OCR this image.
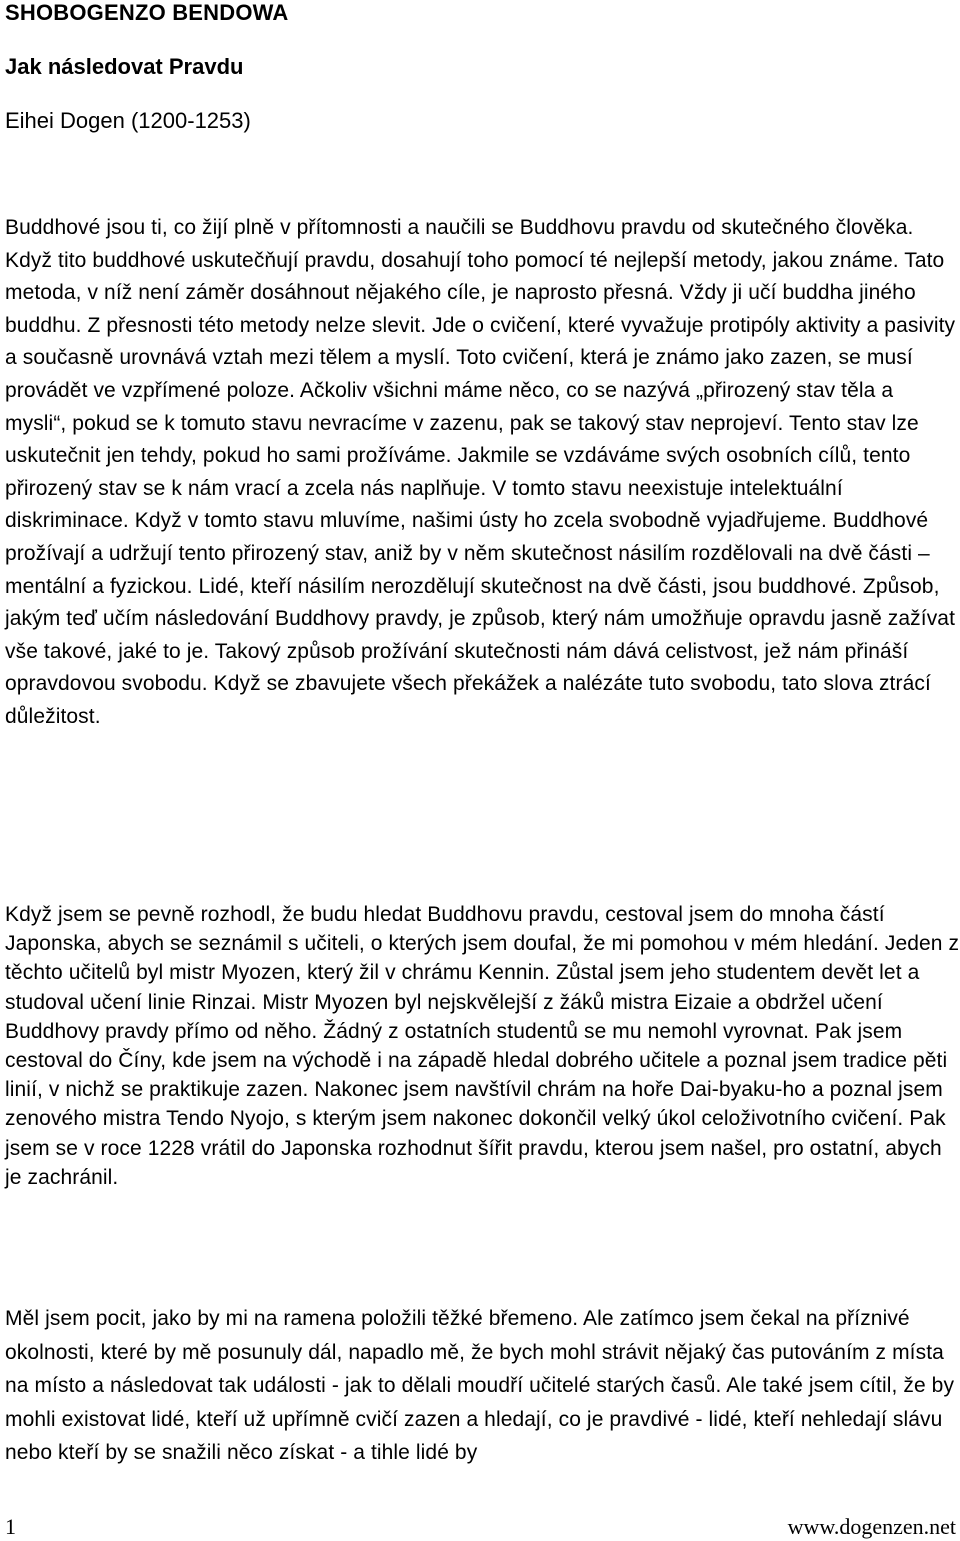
SHOBOGENZO BENDOWA
Jak následovat Pravdu
Eihei Dogen (1200-1253)

Buddhové jsou ti, co žijí plně v přítomnosti a naučili se Buddhovu pravdu od skutečného člověka. Když tito buddhové uskutečňují pravdu, dosahují toho pomocí té nejlepší metody, jakou známe. Tato metoda, v níž není záměr dosáhnout nějakého cíle, je naprosto přesná. Vždy ji učí buddha jiného buddhu. Z přesnosti této metody nelze slevit. Jde o cvičení, které vyvažuje protipóly aktivity a pasivity a současně urovnává vztah mezi tělem a myslí. Toto cvičení, která je známo jako zazen, se musí provádět ve vzpřímené poloze. Ačkoliv všichni máme něco, co se nazývá „přirozený stav těla a mysli“, pokud se k tomuto stavu nevracíme v zazenu, pak se takový stav neprojeví. Tento stav lze uskutečnit jen tehdy, pokud ho sami prožíváme. Jakmile se vzdáváme svých osobních cílů, tento přirozený stav se k nám vrací a zcela nás naplňuje. V tomto stavu neexistuje intelektuální diskriminace. Když v tomto stavu mluvíme, našimi ústy ho zcela svobodně vyjadřujeme. Buddhové prožívají a udržují tento přirozený stav, aniž by v něm skutečnost násilím rozdělovali na dvě části – mentální a fyzickou. Lidé, kteří násilím nerozdělují skutečnost na dvě části, jsou buddhové. Způsob, jakým teď učím následování Buddhovy pravdy, je způsob, který nám umožňuje opravdu jasně zažívat vše takové, jaké to je. Takový způsob prožívání skutečnosti nám dává celistvost, jež nám přináší opravdovou svobodu. Když se zbavujete všech překážek a nalézáte tuto svobodu, tato slova ztrácí důležitost.

Když jsem se pevně rozhodl, že budu hledat Buddhovu pravdu, cestoval jsem do mnoha částí Japonska, abych se seznámil s učiteli, o kterých jsem doufal, že mi pomohou v mém hledání. Jeden z těchto učitelů byl mistr Myozen, který žil v chrámu Kennin. Zůstal jsem jeho studentem devět let a studoval učení linie Rinzai. Mistr Myozen byl nejskvělejší z žáků mistra Eizaie a obdržel učení Buddhovy pravdy přímo od něho. Žádný z ostatních studentů se mu nemohl vyrovnat. Pak jsem cestoval do Číny, kde jsem na východě i na západě hledal dobrého učitele a poznal jsem tradice pěti linií, v nichž se praktikuje zazen. Nakonec jsem navštívil chrám na hoře Dai-byaku-ho a poznal jsem zenového mistra Tendo Nyojo, s kterým jsem nakonec dokončil velký úkol celoživotního cvičení. Pak jsem se v roce 1228 vrátil do Japonska rozhodnut šířit pravdu, kterou jsem našel, pro ostatní, abych je zachránil.

Měl jsem pocit, jako by mi na ramena položili těžké břemeno. Ale zatímco jsem čekal na příznivé okolnosti, které by mě posunuly dál, napadlo mě, že bych mohl strávit nějaký čas putováním z místa na místo a následovat tak události - jak to dělali moudří učitelé starých časů. Ale také jsem cítil, že by mohli existovat lidé, kteří už upřímně cvičí zazen a hledají, co je pravdivé - lidé, kteří nehledají slávu nebo kteří by se snažili něco získat - a tihle lidé by

1	www.dogenzen.net
